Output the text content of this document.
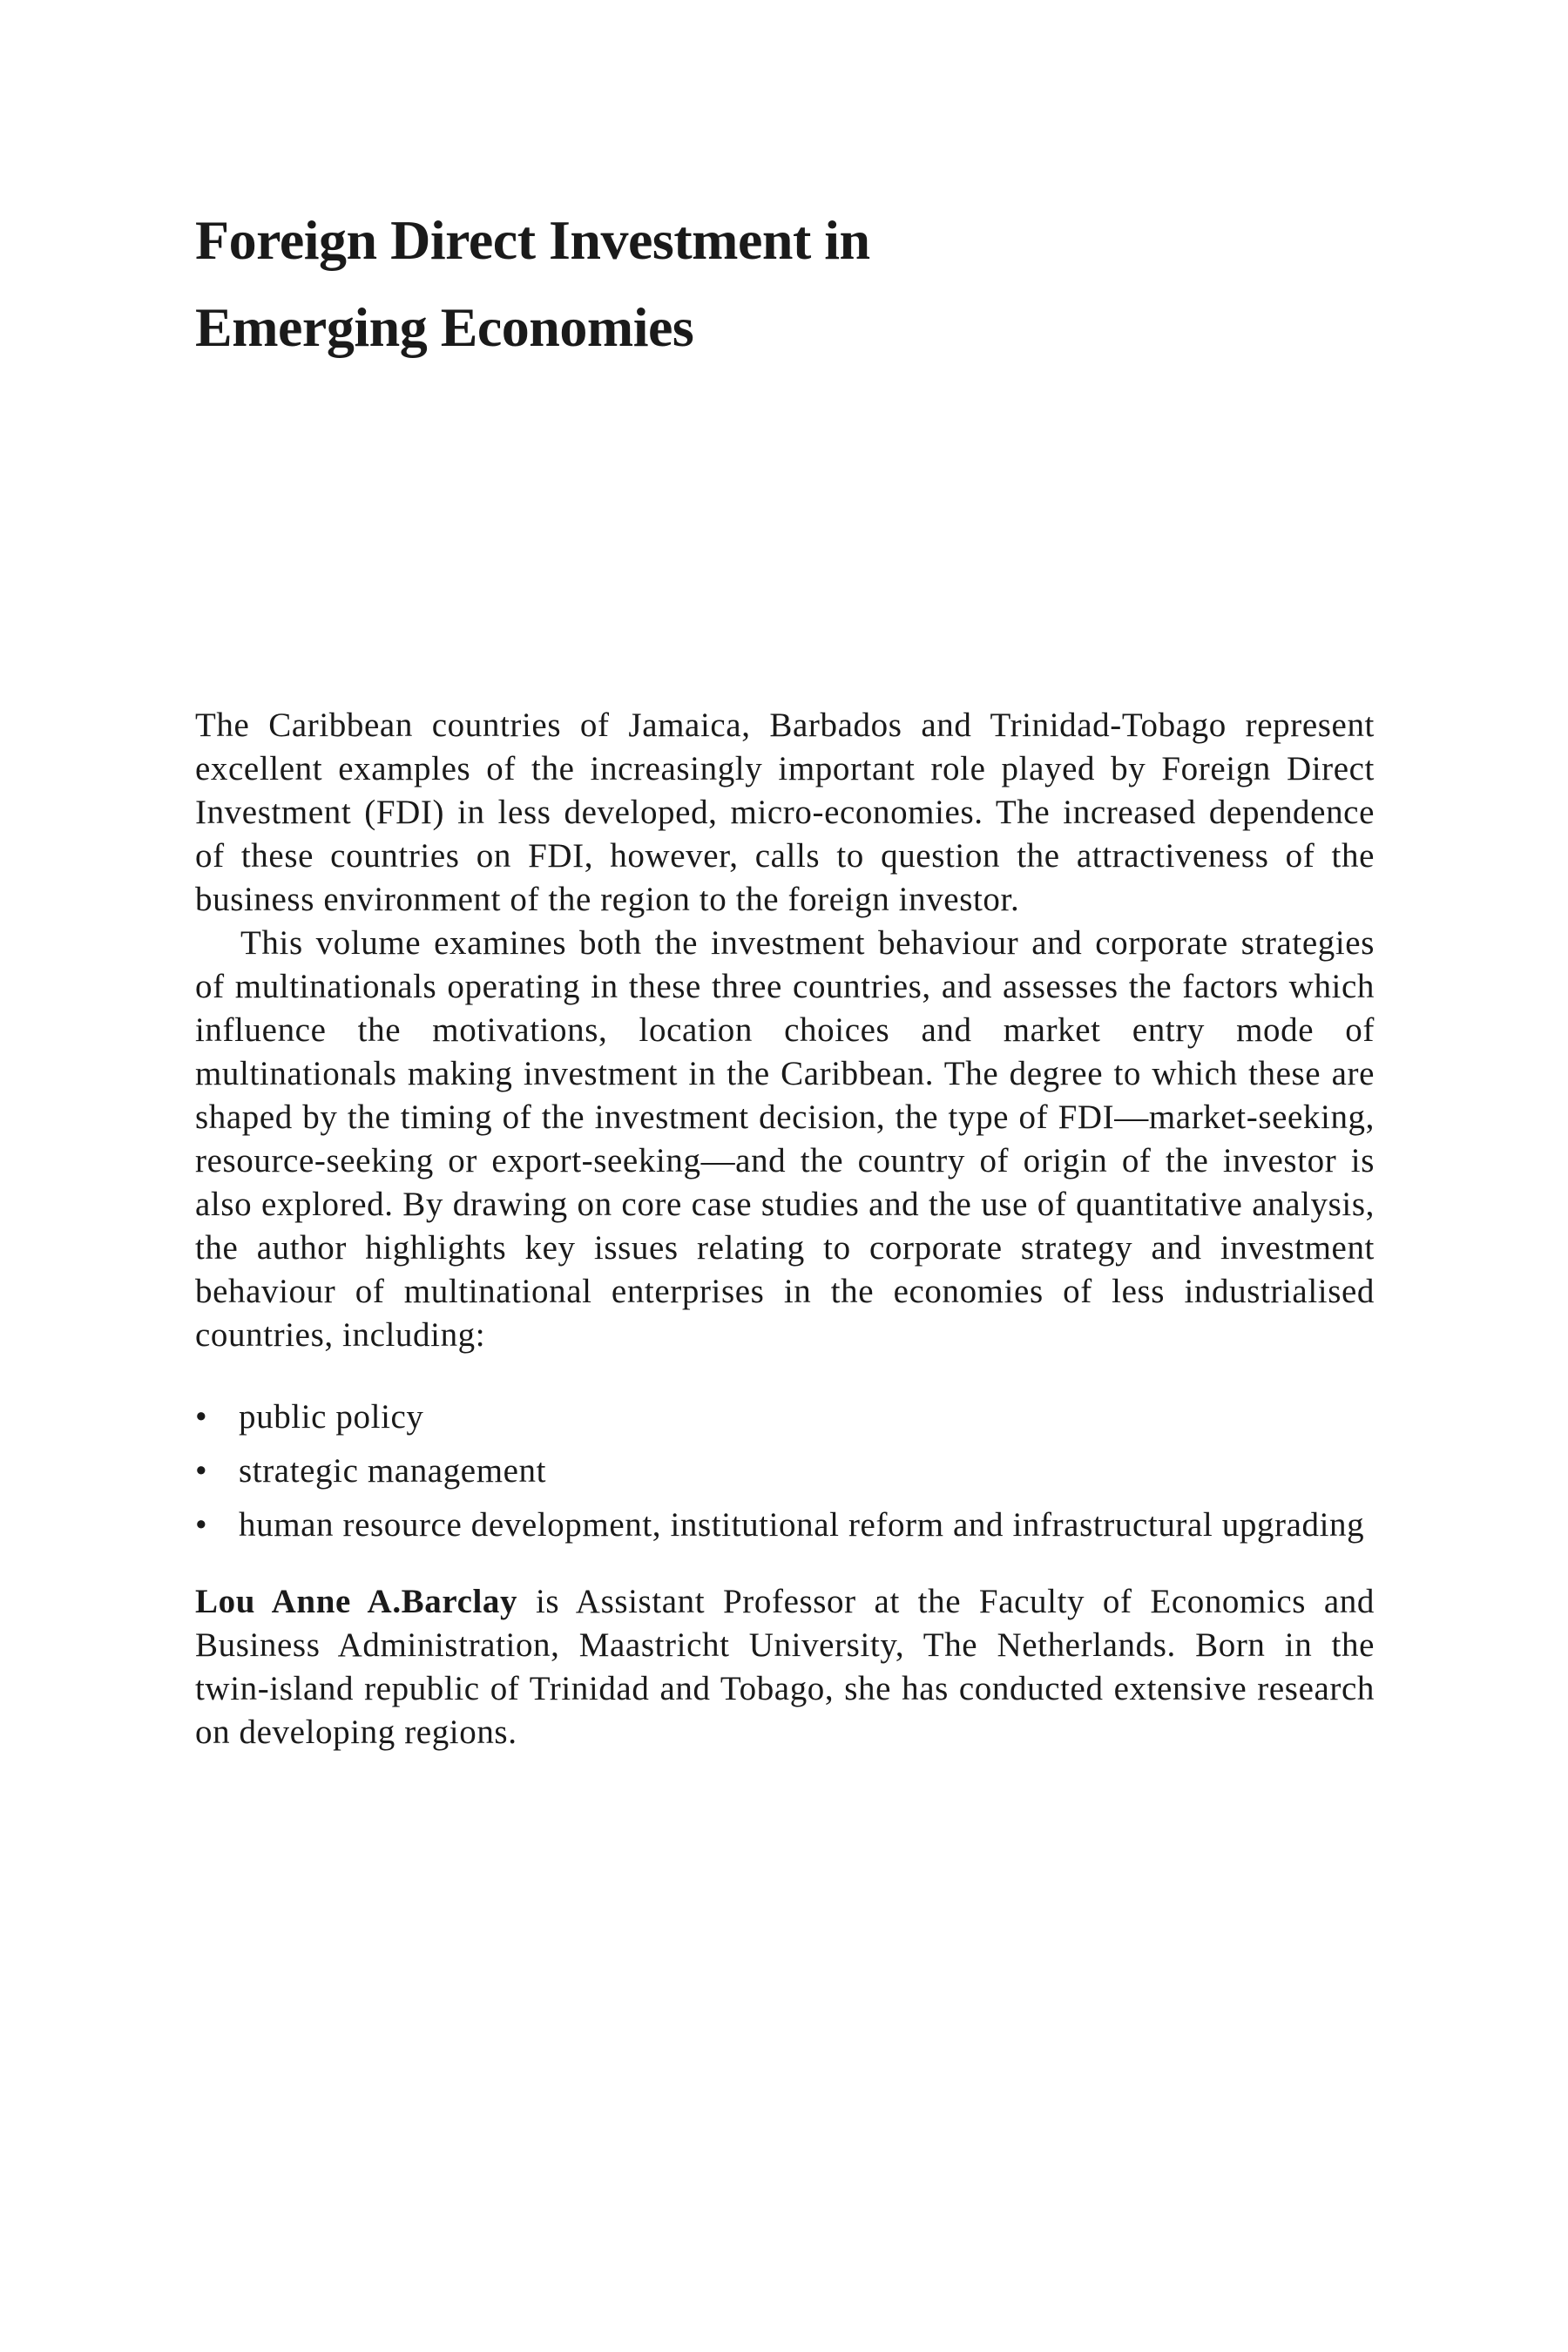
Foreign Direct Investment in
Emerging Economies

The Caribbean countries of Jamaica, Barbados and Trinidad-Tobago represent excellent examples of the increasingly important role played by Foreign Direct Investment (FDI) in less developed, micro-economies. The increased dependence of these countries on FDI, however, calls to question the attractiveness of the business environment of the region to the foreign investor.

This volume examines both the investment behaviour and corporate strategies of multinationals operating in these three countries, and assesses the factors which influence the motivations, location choices and market entry mode of multinationals making investment in the Caribbean. The degree to which these are shaped by the timing of the investment decision, the type of FDI—market-seeking, resource-seeking or export-seeking—and the country of origin of the investor is also explored. By drawing on core case studies and the use of quantitative analysis, the author highlights key issues relating to corporate strategy and investment behaviour of multinational enterprises in the economies of less industrialised countries, including:

• public policy
• strategic management
• human resource development, institutional reform and infrastructural upgrading

Lou Anne A.Barclay is Assistant Professor at the Faculty of Economics and Business Administration, Maastricht University, The Netherlands. Born in the twin-island republic of Trinidad and Tobago, she has conducted extensive research on developing regions.
